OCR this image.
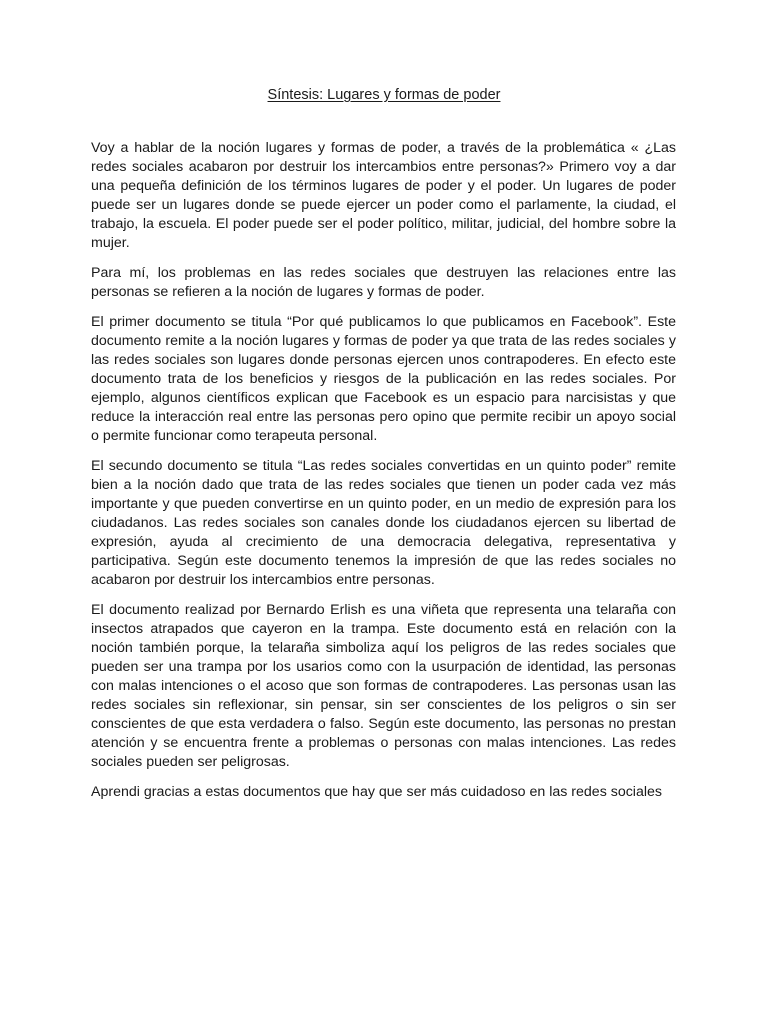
Síntesis: Lugares y formas de poder

Voy a hablar de la noción lugares y formas de poder, a través de la problemática « ¿Las redes sociales acabaron por destruir los intercambios entre personas?» Primero voy a dar una pequeña definición de los términos lugares de poder y el poder. Un lugares de poder puede ser un lugares donde se puede ejercer un poder como el parlamente, la ciudad, el trabajo, la escuela. El poder puede ser el poder político, militar, judicial, del hombre sobre la mujer.

Para mí, los problemas en las redes sociales que destruyen las relaciones entre las personas se refieren a la noción de lugares y formas de poder.

El primer documento se titula “Por qué publicamos lo que publicamos en Facebook”. Este documento remite a la noción lugares y formas de poder ya que trata de las redes sociales y las redes sociales son lugares donde personas ejercen unos contrapoderes. En efecto este documento trata de los beneficios y riesgos de la publicación en las redes sociales. Por ejemplo, algunos científicos explican que Facebook es un espacio para narcisistas y que reduce la interacción real entre las personas pero opino que permite recibir un apoyo social o permite funcionar como terapeuta personal.

El secundo documento se titula “Las redes sociales convertidas en un quinto poder” remite bien a la noción dado que trata de las redes sociales que tienen un poder cada vez más importante y que pueden convertirse en un quinto poder, en un medio de expresión para los ciudadanos. Las redes sociales son canales donde los ciudadanos ejercen su libertad de expresión, ayuda al crecimiento de una democracia delegativa, representativa y participativa. Según este documento tenemos la impresión de que las redes sociales no acabaron por destruir los intercambios entre personas.

El documento realizad por Bernardo Erlish es una viñeta que representa una telaraña con insectos atrapados que cayeron en la trampa. Este documento está en relación con la noción también porque, la telaraña simboliza aquí los peligros de las redes sociales que pueden ser una trampa por los usarios como con la usurpación de identidad, las personas con malas intenciones o el acoso que son formas de contrapoderes. Las personas usan las redes sociales sin reflexionar, sin pensar, sin ser conscientes de los peligros o sin ser conscientes de que esta verdadera o falso. Según este documento, las personas no prestan atención y se encuentra frente a problemas o personas con malas intenciones. Las redes sociales pueden ser peligrosas.

Aprendi gracias a estas documentos que hay que ser más cuidadoso en las redes sociales
